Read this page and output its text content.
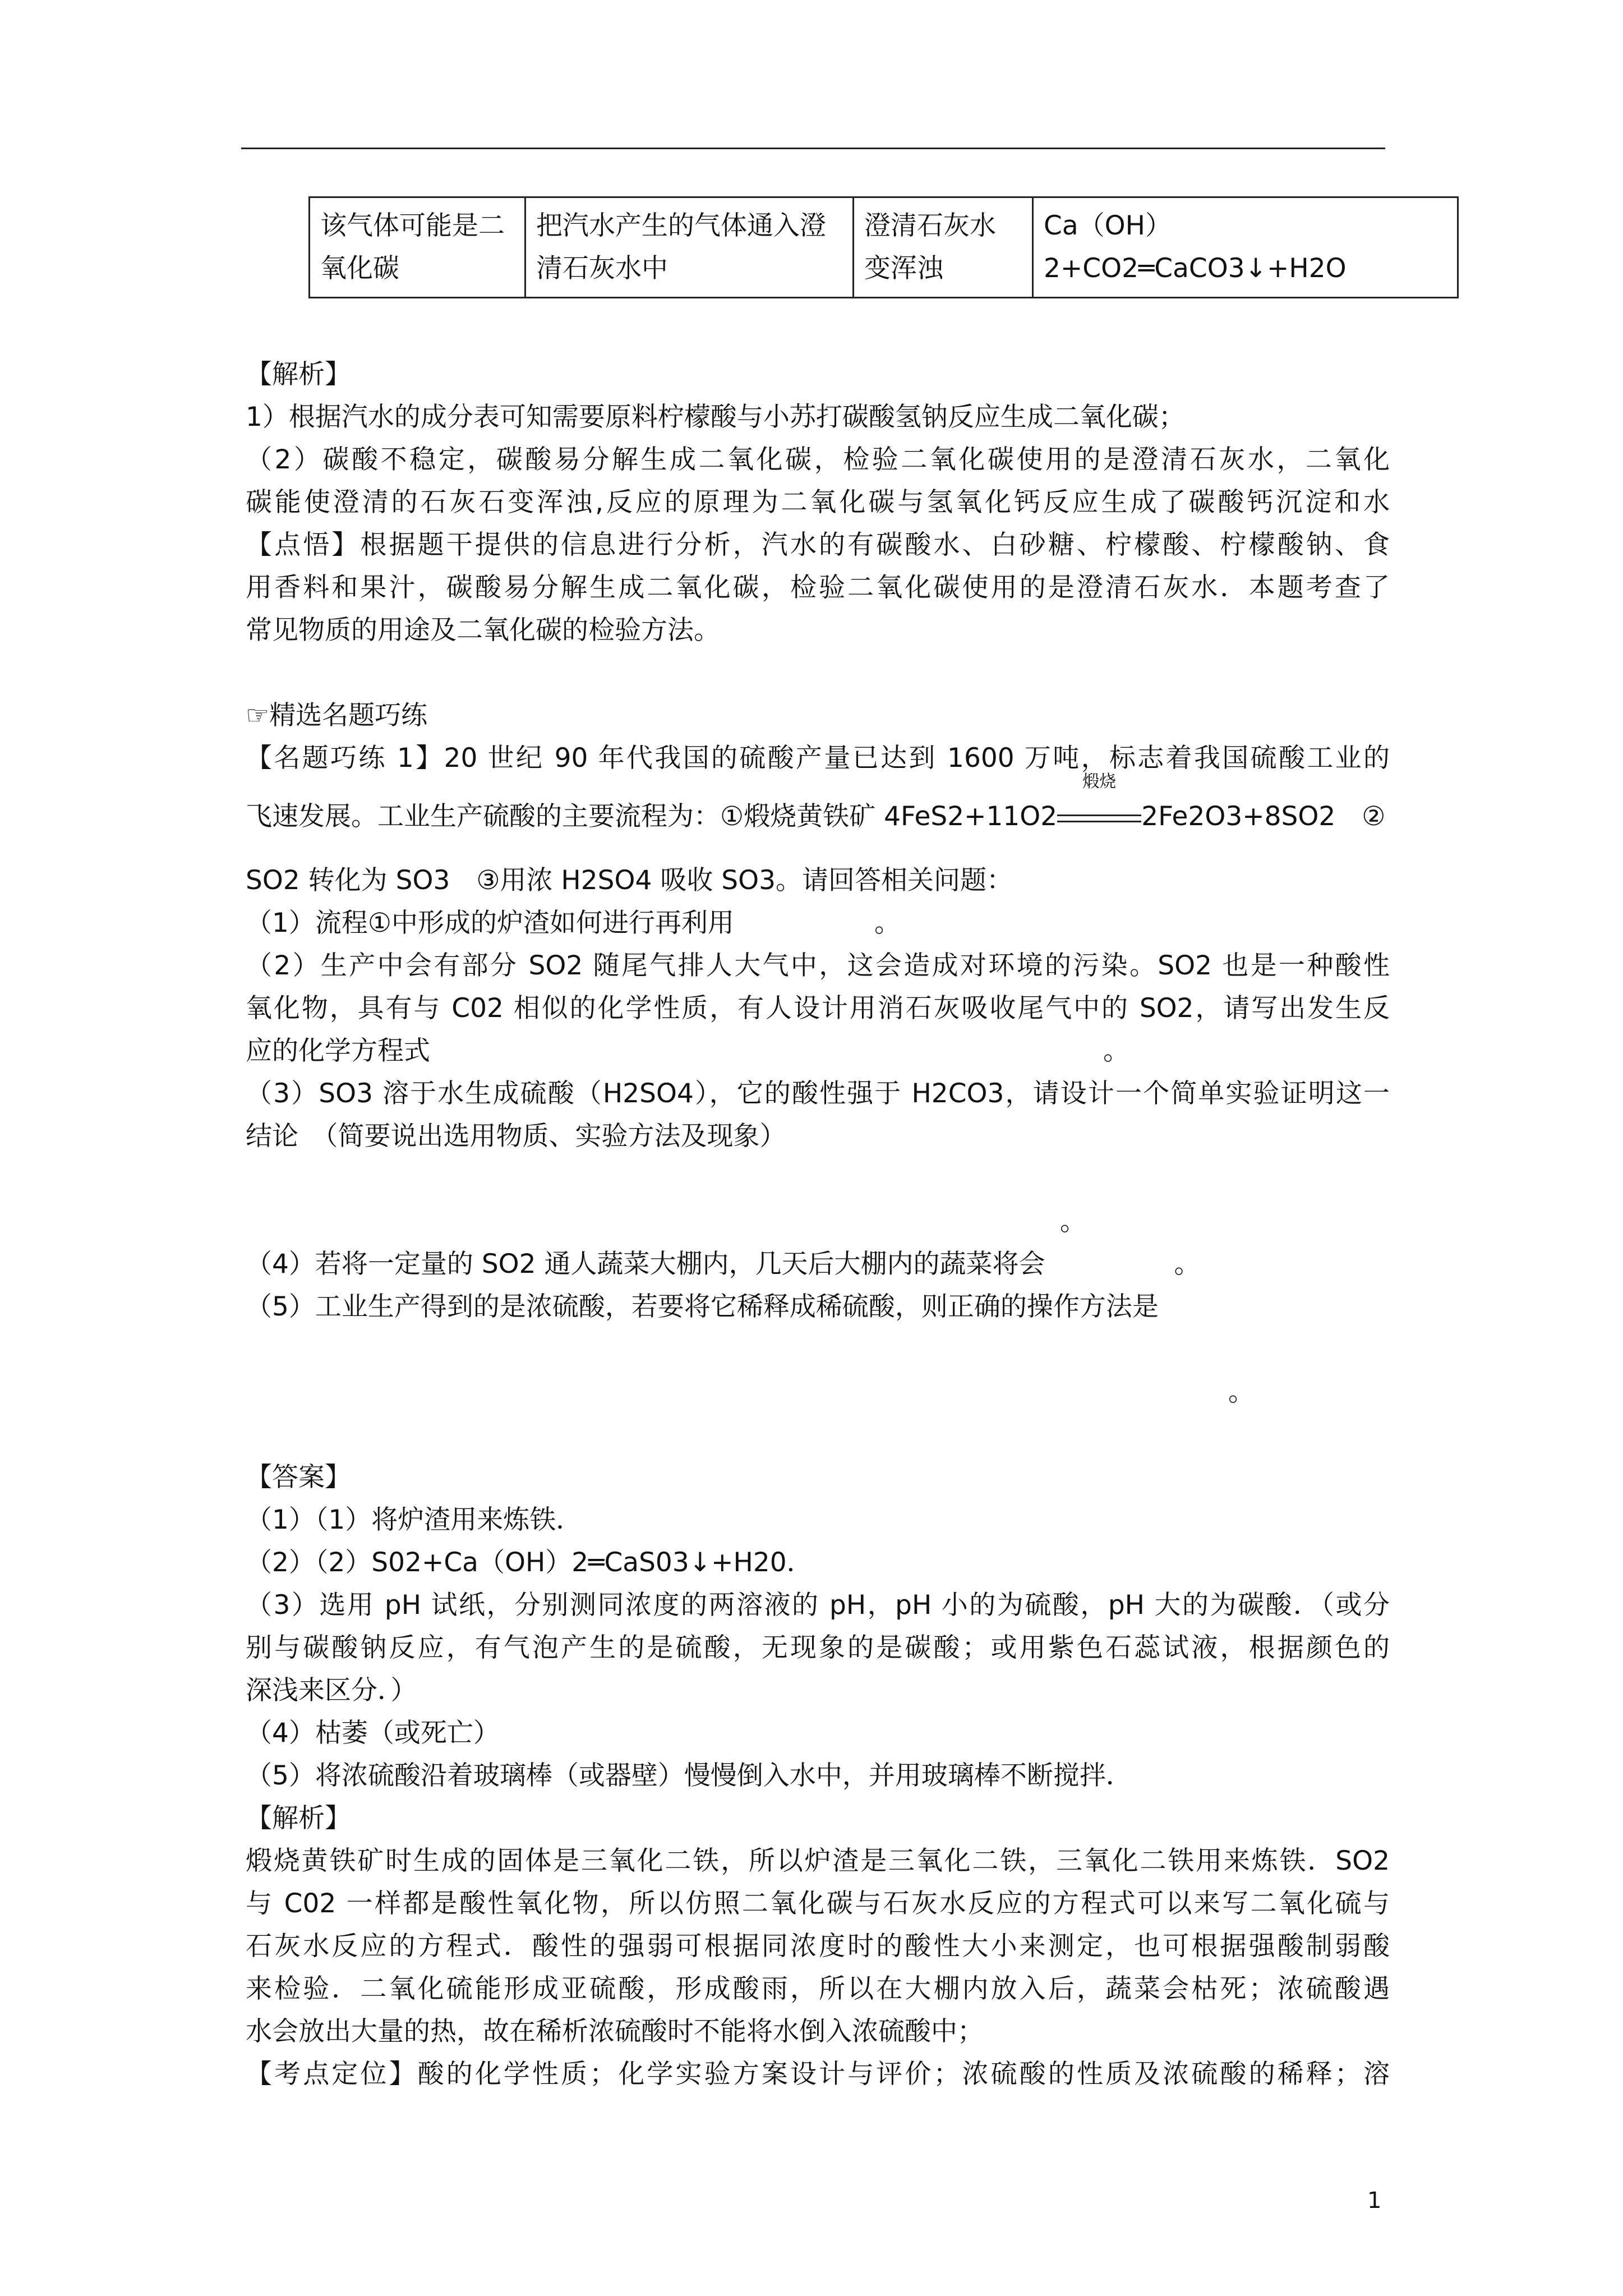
该气体可能是二氧化碳	把汽水产生的气体通入澄清石灰水中	澄清石灰水变浑浊	Ca（OH）2+CO2═CaCO3↓+H2O
【解析】
1）根据汽水的成分表可知需要原料柠檬酸与小苏打碳酸氢钠反应生成二氧化碳；
（2）碳酸不稳定，碳酸易分解生成二氧化碳，检验二氧化碳使用的是澄清石灰水，二氧化
碳能使澄清的石灰石变浑浊,反应的原理为二氧化碳与氢氧化钙反应生成了碳酸钙沉淀和水
【点悟】根据题干提供的信息进行分析，汽水的有碳酸水、白砂糖、柠檬酸、柠檬酸钠、食
用香料和果汁，碳酸易分解生成二氧化碳，检验二氧化碳使用的是澄清石灰水．本题考查了
常见物质的用途及二氧化碳的检验方法。
☞精选名题巧练
【名题巧练 1】20 世纪 90 年代我国的硫酸产量已达到 1600 万吨，标志着我国硫酸工业的
飞速发展。工业生产硫酸的主要流程为：①煅烧黄铁矿 4FeS2+11O2
煅烧
2Fe2O3+8SO2　②
SO2 转化为 SO3　③用浓 H2SO4 吸收 SO3。请回答相关问题：
（1）流程①中形成的炉渣如何进行再利用	。
（2）生产中会有部分 SO2 随尾气排人大气中，这会造成对环境的污染。SO2 也是一种酸性
氧化物，具有与 C02 相似的化学性质，有人设计用消石灰吸收尾气中的 SO2，请写出发生反
应的化学方程式	。
（3）SO3 溶于水生成硫酸（H2SO4），它的酸性强于 H2CO3，请设计一个简单实验证明这一
结论　（简要说出选用物质、实验方法及现象）
。
（4）若将一定量的 SO2 通人蔬菜大棚内，几天后大棚内的蔬菜将会	。
（5）工业生产得到的是浓硫酸，若要将它稀释成稀硫酸，则正确的操作方法是
。
【答案】
（1）（1）将炉渣用来炼铁．
（2）（2）S02+Ca（OH）2═CaS03↓+H20．
（3）选用 pH 试纸，分别测同浓度的两溶液的 pH，pH 小的为硫酸，pH 大的为碳酸．（或分
别与碳酸钠反应，有气泡产生的是硫酸，无现象的是碳酸；或用紫色石蕊试液，根据颜色的
深浅来区分．）
（4）枯萎（或死亡）
（5）将浓硫酸沿着玻璃棒（或器壁）慢慢倒入水中，并用玻璃棒不断搅拌．
【解析】
煅烧黄铁矿时生成的固体是三氧化二铁，所以炉渣是三氧化二铁，三氧化二铁用来炼铁．SO2
与 C02 一样都是酸性氧化物，所以仿照二氧化碳与石灰水反应的方程式可以来写二氧化硫与
石灰水反应的方程式．酸性的强弱可根据同浓度时的酸性大小来测定，也可根据强酸制弱酸
来检验．二氧化硫能形成亚硫酸，形成酸雨，所以在大棚内放入后，蔬菜会枯死；浓硫酸遇
水会放出大量的热，故在稀析浓硫酸时不能将水倒入浓硫酸中；
【考点定位】酸的化学性质；化学实验方案设计与评价；浓硫酸的性质及浓硫酸的稀释；溶
1
